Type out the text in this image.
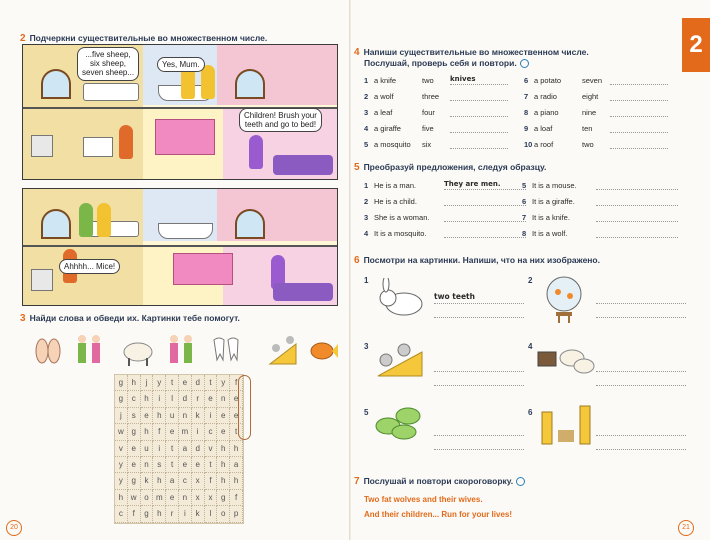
2 Подчеркни существительные во множественном числе.
...five sheep,
six sheep,
seven sheep...
Yes, Mum.
Children! Brush your
teeth and go to bed!
Ahhhh... Mice!
3 Найди слова и обведи их. Картинки тебе помогут.
g	h	j	y	t	e	d	t	y	f
g	c	h	i	l	d	r	e	n	e
j	s	e	h	u	n	k	i	e	e
w g	h	f	e m	i	c	e	t
v	e	u	i	t	a	d	v	h	h
y	e	n	s	t	e	e	t	h	a
y	g	k	h	a	c	x	f	h	h
h w o m e	n	x	x	g	f
c	f	g	h	r	i	k	l	o	p
20
2
4 Напиши существительные во множественном числе.
Послушай, проверь себя и повтори.
1 a knife	two	knives
2 a wolf	three
3 a leaf	four
4 a giraffe	five
5 a mosquito	six
6 a potato	seven
7 a radio	eight
8 a piano	nine
9 a loaf	ten
10 a roof	two
5 Преобразуй предложения, следуя образцу.
1 He is a man.	They are men.
2 He is a child.
3 She is a woman.
4 It is a mosquito.
5 It is a mouse.
6 It is a giraffe.
7 It is a knife.
8 It is a wolf.
6 Посмотри на картинки. Напиши, что на них изображено.
1
two teeth
2
3	4
5	6
7 Послушай и повтори скороговорку.
Two fat wolves and their wives.
And their children... Run for your lives!
21
